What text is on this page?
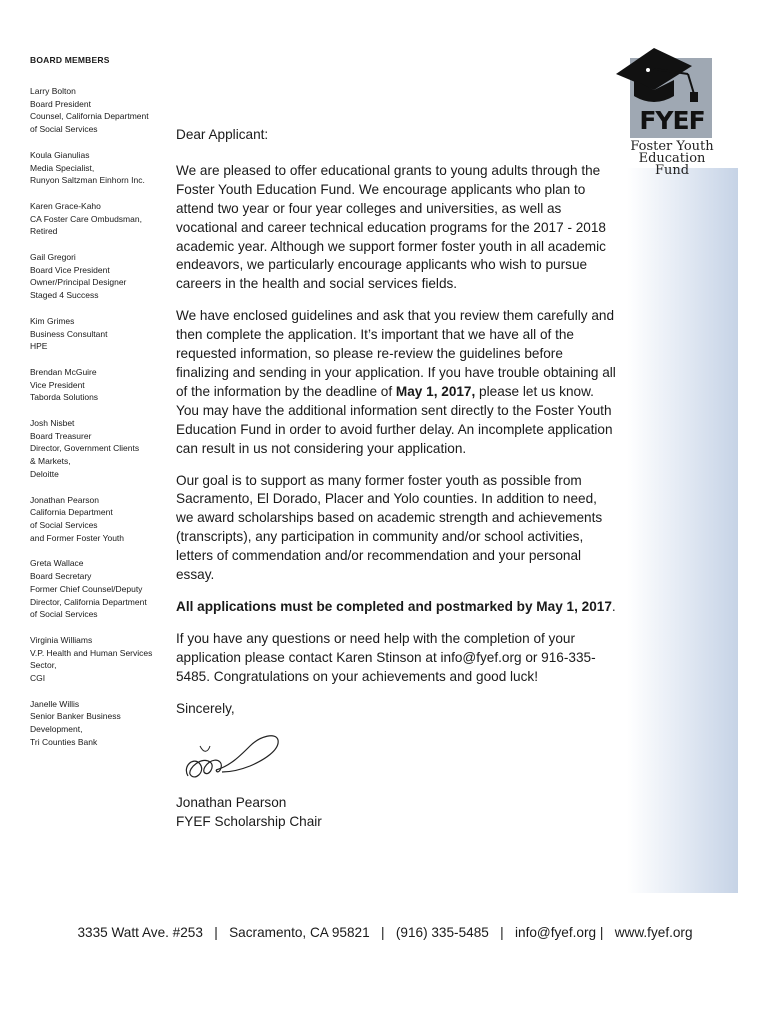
BOARD MEMBERS
Larry Bolton
Board President
Counsel, California Department
of Social Services
Koula Gianulias
Media Specialist,
Runyon Saltzman Einhorn Inc.
Karen Grace-Kaho
CA Foster Care Ombudsman,
Retired
Gail Gregori
Board Vice President
Owner/Principal Designer
Staged 4 Success
Kim Grimes
Business Consultant
HPE
Brendan McGuire
Vice President
Taborda Solutions
Josh Nisbet
Board Treasurer
Director, Government Clients
& Markets,
Deloitte
Jonathan Pearson
California Department
of Social Services
and Former Foster Youth
Greta Wallace
Board Secretary
Former Chief Counsel/Deputy
Director, California Department
of Social Services
Virginia Williams
V.P. Health and Human Services
Sector,
CGI
Janelle Willis
Senior Banker Business
Development,
Tri Counties Bank
FYEF
Foster Youth
Education Fund

Dear Applicant:

We are pleased to offer educational grants to young adults through the Foster Youth Education Fund. We encourage applicants who plan to attend two year or four year colleges and universities, as well as vocational and career technical education programs for the 2017 - 2018 academic year. Although we support former foster youth in all academic endeavors, we particularly encourage applicants who wish to pursue careers in the health and social services fields.

We have enclosed guidelines and ask that you review them carefully and then complete the application. It’s important that we have all of the requested information, so please re-review the guidelines before finalizing and sending in your application. If you have trouble obtaining all of the information by the deadline of May 1, 2017, please let us know. You may have the additional information sent directly to the Foster Youth Education Fund in order to avoid further delay. An incomplete application can result in us not considering your application.

Our goal is to support as many former foster youth as possible from Sacramento, El Dorado, Placer and Yolo counties. In addition to need, we award scholarships based on academic strength and achievements (transcripts), any participation in community and/or school activities, letters of commendation and/or recommendation and your personal essay.

All applications must be completed and postmarked by May 1, 2017.

If you have any questions or need help with the completion of your application please contact Karen Stinson at info@fyef.org or 916-335-5485. Congratulations on your achievements and good luck!

Sincerely,

Jonathan Pearson

FYEF Scholarship Chair

3335 Watt Ave. #253   |   Sacramento, CA 95821   |   (916) 335-5485   |   info@fyef.org |   www.fyef.org
